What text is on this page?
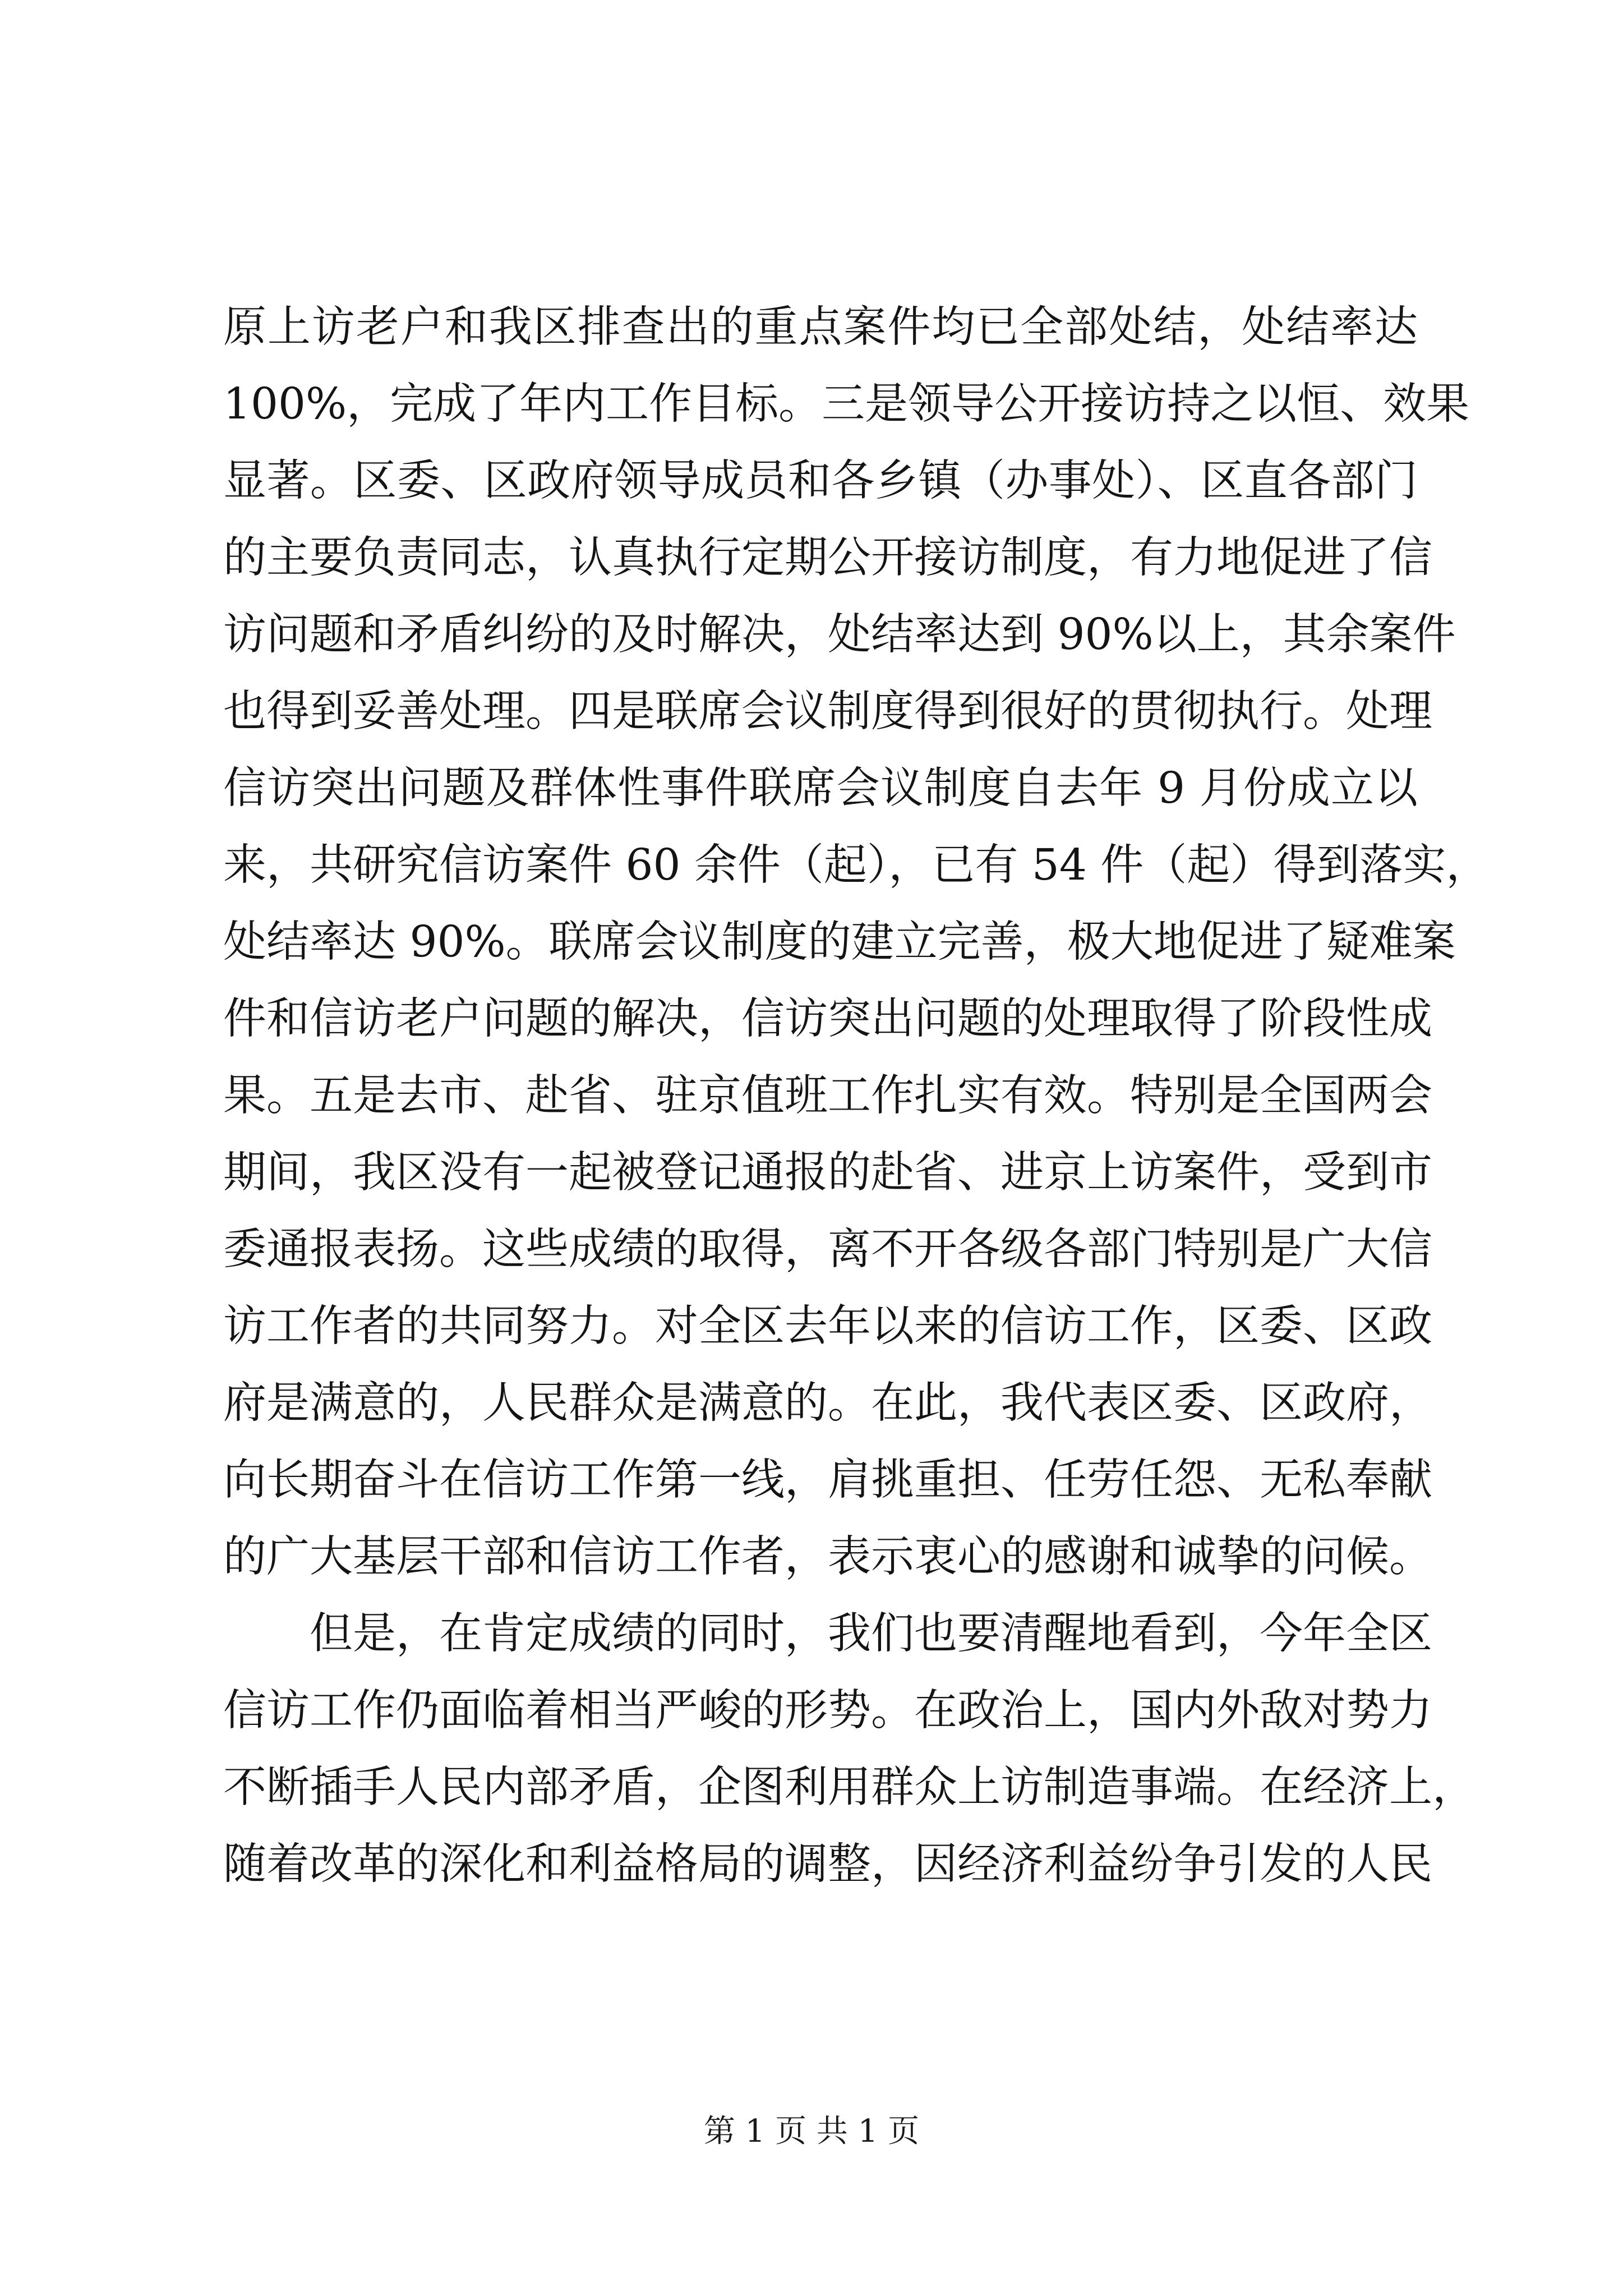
原上访老户和我区排查出的重点案件均已全部处结，处结率达
100%，完成了年内工作目标。三是领导公开接访持之以恒、效果
显著。区委、区政府领导成员和各乡镇（办事处）、区直各部门
的主要负责同志，认真执行定期公开接访制度，有力地促进了信
访问题和矛盾纠纷的及时解决，处结率达到 90%以上，其余案件
也得到妥善处理。四是联席会议制度得到很好的贯彻执行。处理
信访突出问题及群体性事件联席会议制度自去年 9 月份成立以
来，共研究信访案件 60 余件（起），已有 54 件（起）得到落实，
处结率达 90%。联席会议制度的建立完善，极大地促进了疑难案
件和信访老户问题的解决，信访突出问题的处理取得了阶段性成
果。五是去市、赴省、驻京值班工作扎实有效。特别是全国两会
期间，我区没有一起被登记通报的赴省、进京上访案件，受到市
委通报表扬。这些成绩的取得，离不开各级各部门特别是广大信
访工作者的共同努力。对全区去年以来的信访工作，区委、区政
府是满意的，人民群众是满意的。在此，我代表区委、区政府，
向长期奋斗在信访工作第一线，肩挑重担、任劳任怨、无私奉献
的广大基层干部和信访工作者，表示衷心的感谢和诚挚的问候。
　　但是，在肯定成绩的同时，我们也要清醒地看到，今年全区
信访工作仍面临着相当严峻的形势。在政治上，国内外敌对势力
不断插手人民内部矛盾，企图利用群众上访制造事端。在经济上，
随着改革的深化和利益格局的调整，因经济利益纷争引发的人民
第 1 页 共 1 页
